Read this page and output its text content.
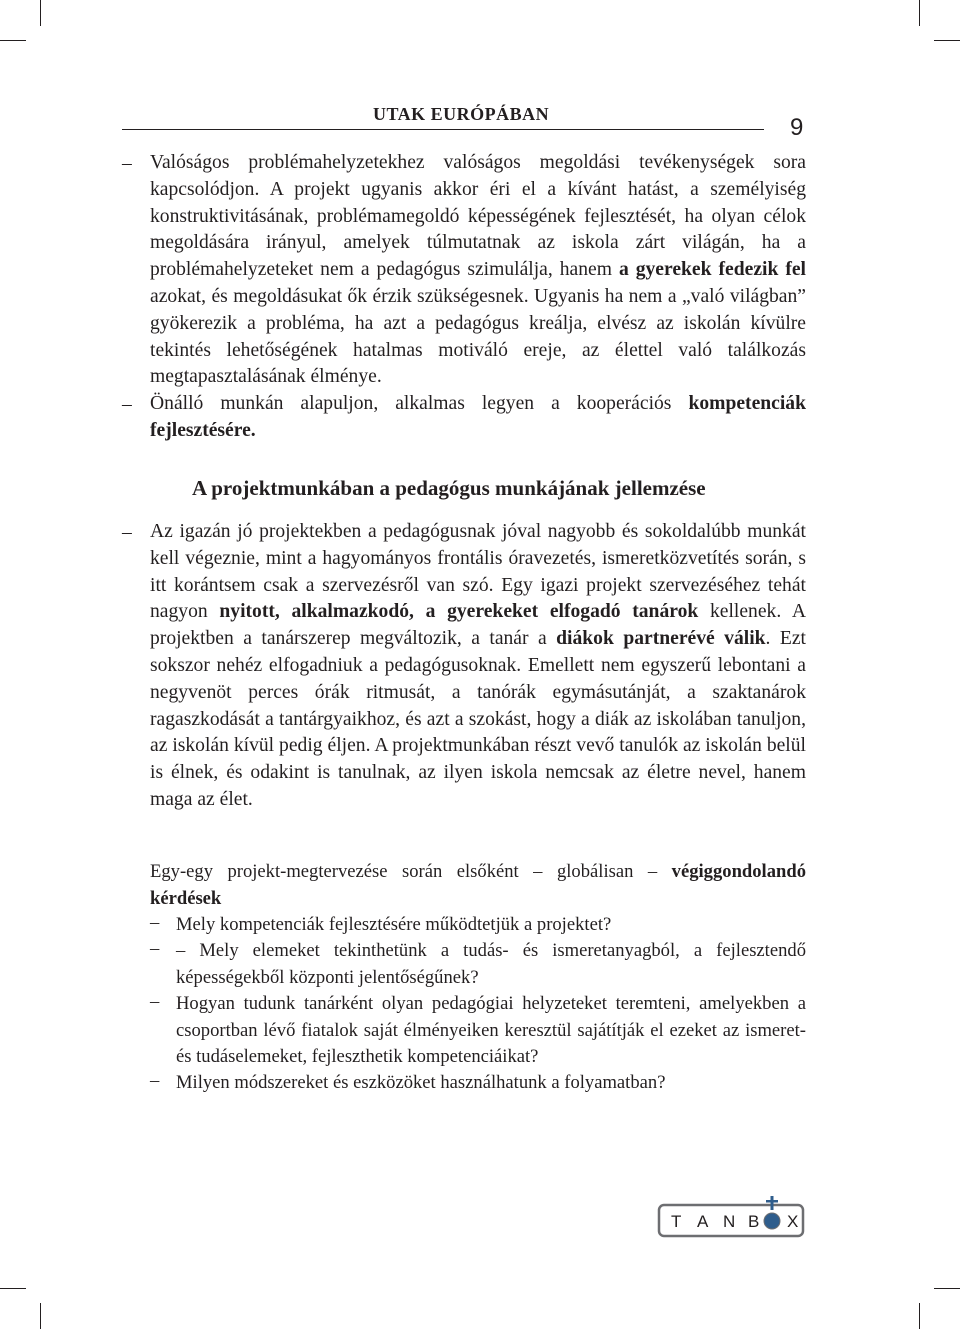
UTAK EURÓPÁBAN	9
– Valóságos problémahelyzetekhez valóságos megoldási tevékenységek sora kapcsolódjon. A projekt ugyanis akkor éri el a kívánt hatást, a személyiség konstruktivitásának, problémamegoldó képességének fejlesztését, ha olyan célok megoldására irányul, amelyek túlmutatnak az iskola zárt világán, ha a problémahelyzeteket nem a pedagógus szimulálja, hanem a gyerekek fedezik fel azokat, és megoldásukat ők érzik szükségesnek. Ugyanis ha nem a „való világban” gyökerezik a probléma, ha azt a pedagógus kreálja, elvész az iskolán kívülre tekintés lehetőségének hatalmas motiváló ereje, az élettel való találkozás megtapasztalásának élménye.
– Önálló munkán alapuljon, alkalmas legyen a kooperációs kompetenciák fejlesztésére.
A projektmunkában a pedagógus munkájának jellemzése
– Az igazán jó projektekben a pedagógusnak jóval nagyobb és sokoldalúbb munkát kell végeznie, mint a hagyományos frontális óravezetés, ismeretközvetítés során, s itt korántsem csak a szervezésről van szó. Egy igazi projekt szervezéséhez tehát nagyon nyitott, alkalmazkodó, a gyerekeket elfogadó tanárok kellenek. A projektben a tanárszerep megváltozik, a tanár a diákok partnerévé válik. Ezt sokszor nehéz elfogadniuk a pedagógusoknak. Emellett nem egyszerű lebontani a negyvenöt perces órák ritmusát, a tanórák egymásutánját, a szaktanárok ragaszkodását a tantárgyaikhoz, és azt a szokást, hogy a diák az iskolában tanuljon, az iskolán kívül pedig éljen. A projektmunkában részt vevő tanulók az iskolán belül is élnek, és odakint is tanulnak, az ilyen iskola nemcsak az életre nevel, hanem maga az élet.
Egy-egy projekt-megtervezése során elsőként – globálisan – végiggondolandó kérdések
– Mely kompetenciák fejlesztésére működtetjük a projektet?
– – Mely elemeket tekinthetünk a tudás- és ismeretanyagból, a fejlesztendő képességekből központi jelentőségűnek?
– Hogyan tudunk tanárként olyan pedagógiai helyzeteket teremteni, amelyekben a csoportban lévő fiatalok saját élményeiken keresztül sajátítják el ezeket az ismeret- és tudáselemeket, fejleszthetik kompetenciáikat?
– Milyen módszereket és eszközöket használhatunk a folyamatban?
T A N B X
